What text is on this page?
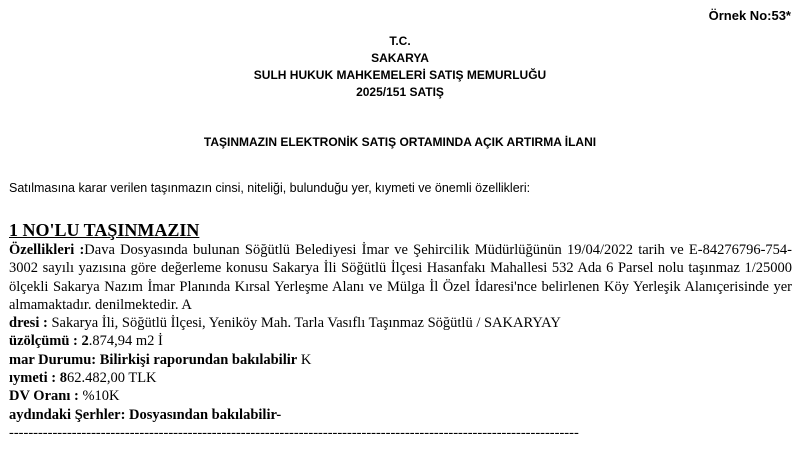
Örnek No:53*
T.C.
SAKARYA
SULH HUKUK MAHKEMELERİ SATIŞ MEMURLUĞU
2025/151 SATIŞ
TAŞINMAZIN ELEKTRONİK SATIŞ ORTAMINDA AÇIK ARTIRMA İLANI
Satılmasına karar verilen taşınmazın cinsi, niteliği, bulunduğu yer, kıymeti ve önemli özellikleri:
1 NO'LU TAŞINMAZIN
Özellikleri :Dava Dosyasında bulunan Söğütlü Belediyesi İmar ve Şehircilik Müdürlüğünün 19/04/2022 tarih ve E-84276796-754-3002 sayılı yazısına göre değerleme konusu Sakarya İli Söğütlü İlçesi Hasanfakı Mahallesi 532 Ada 6 Parsel nolu taşınmaz 1/25000 ölçekli Sakarya Nazım İmar Planında Kırsal Yerleşme Alanı ve Mülga İl Özel İdaresi'nce belirlenen Köy Yerleşik Alanıçerisinde yer almamaktadır. denilmektedir. A
dresi : Sakarya İli, Söğütlü İlçesi, Yeniköy Mah. Tarla Vasıflı Taşınmaz Söğütlü / SAKARYAY
üzölçümü : 2.874,94 m2 İ
mar Durumu: Bilirkişi raporundan bakılabilir K
ıymeti : 862.482,00 TLK
DV Oranı : %10K
aydındaki Şerhler: Dosyasından bakılabilir-
----------------------------------------------------------------------------------------------------------------------
